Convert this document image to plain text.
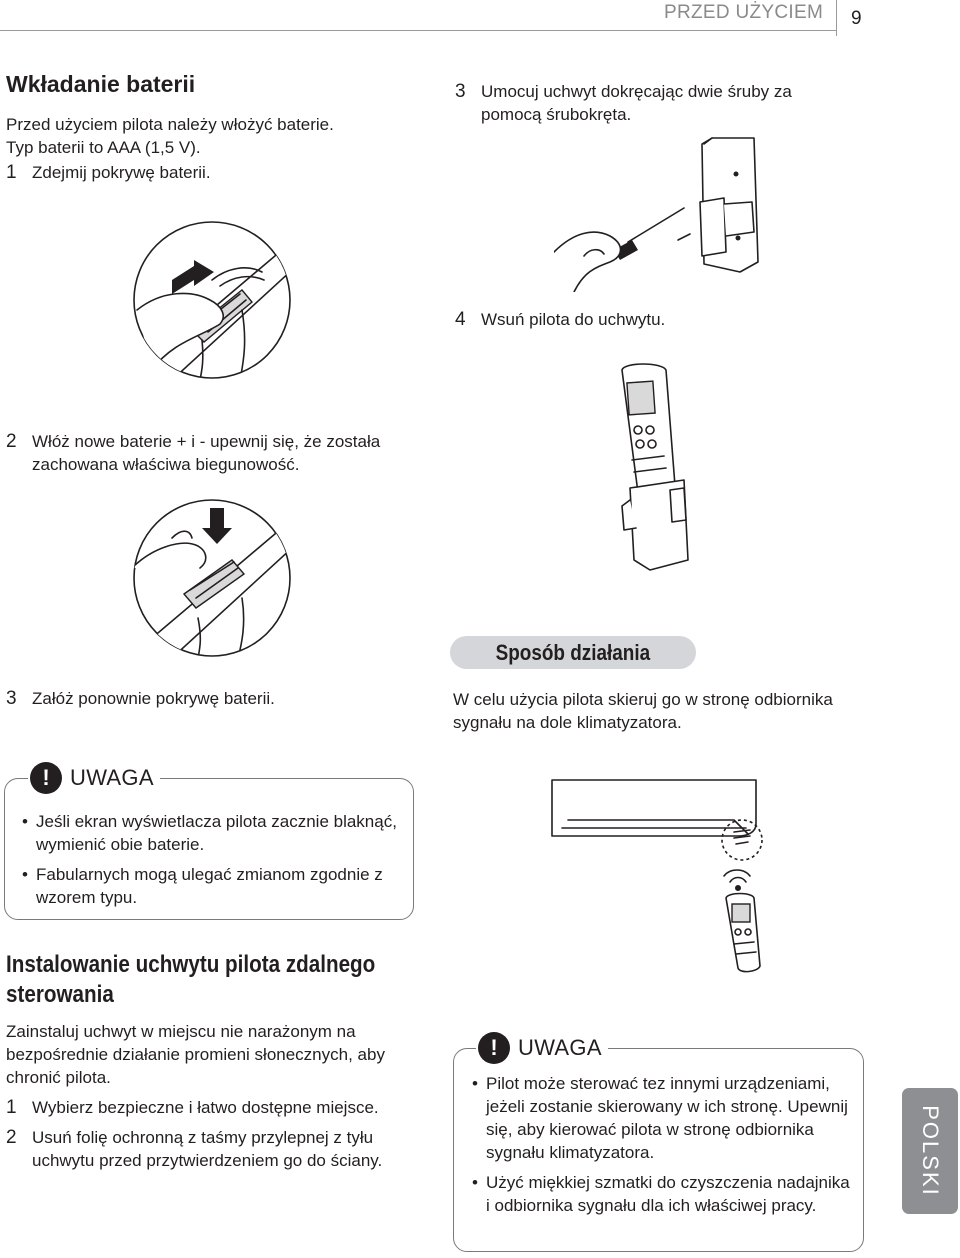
PRZED UŻYCIEM 9
Wkładanie baterii
Przed użyciem pilota należy włożyć baterie.
Typ baterii to AAA (1,5 V).
1 Zdejmij pokrywę baterii.
2 Włóż nowe baterie + i - upewnij się, że została zachowana właściwa biegunowość.
3 Załóż ponownie pokrywę baterii.
3 Umocuj uchwyt dokręcając dwie śruby za pomocą śrubokręta.
4 Wsuń pilota do uchwytu.
Sposób działania
W celu użycia pilota skieruj go w stronę odbiornika sygnału na dole klimatyzatora.
! UWAGA
• Jeśli ekran wyświetlacza pilota zacznie blaknąć, wymienić obie baterie.
• Fabularnych mogą ulegać zmianom zgodnie z wzorem typu.
Instalowanie uchwytu pilota zdalnego sterowania
Zainstaluj uchwyt w miejscu nie narażonym na bezpośrednie działanie promieni słonecznych, aby chronić pilota.
1 Wybierz bezpieczne i łatwo dostępne miejsce.
2 Usuń folię ochronną z taśmy przylepnej z tyłu uchwytu przed przytwierdzeniem go do ściany.
! UWAGA
• Pilot może sterować tez innymi urządzeniami, jeżeli zostanie skierowany w ich stronę. Upewnij się, aby kierować pilota w stronę odbiornika sygnału klimatyzatora.
• Użyć miękkiej szmatki do czyszczenia nadajnika i odbiornika sygnału dla ich właściwej pracy.
POLSKI
